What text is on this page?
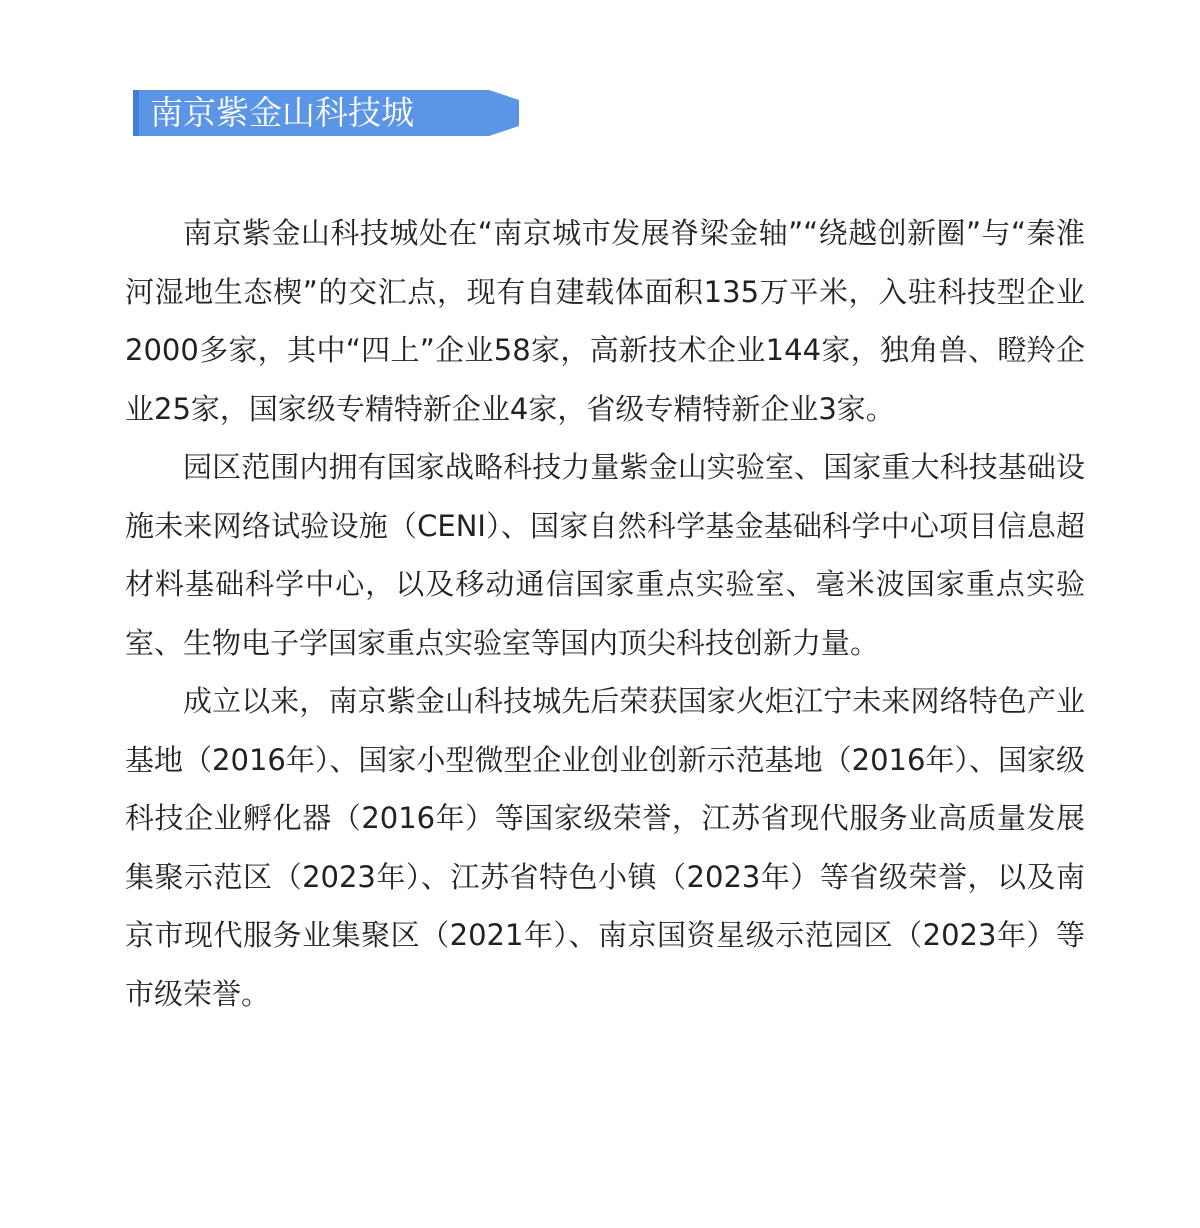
南京紫金山科技城

南京紫金山科技城处在“南京城市发展脊梁金轴”“绕越创新圈”与“秦淮河湿地生态楔”的交汇点，现有自建载体面积135万平米，入驻科技型企业2000多家，其中“四上”企业58家，高新技术企业144家，独角兽、瞪羚企业25家，国家级专精特新企业4家，省级专精特新企业3家。

园区范围内拥有国家战略科技力量紫金山实验室、国家重大科技基础设施未来网络试验设施（CENI）、国家自然科学基金基础科学中心项目信息超材料基础科学中心，以及移动通信国家重点实验室、毫米波国家重点实验室、生物电子学国家重点实验室等国内顶尖科技创新力量。

成立以来，南京紫金山科技城先后荣获国家火炬江宁未来网络特色产业基地（2016年）、国家小型微型企业创业创新示范基地（2016年）、国家级科技企业孵化器（2016年）等国家级荣誉，江苏省现代服务业高质量发展集聚示范区（2023年）、江苏省特色小镇（2023年）等省级荣誉，以及南京市现代服务业集聚区（2021年）、南京国资星级示范园区（2023年）等市级荣誉。
